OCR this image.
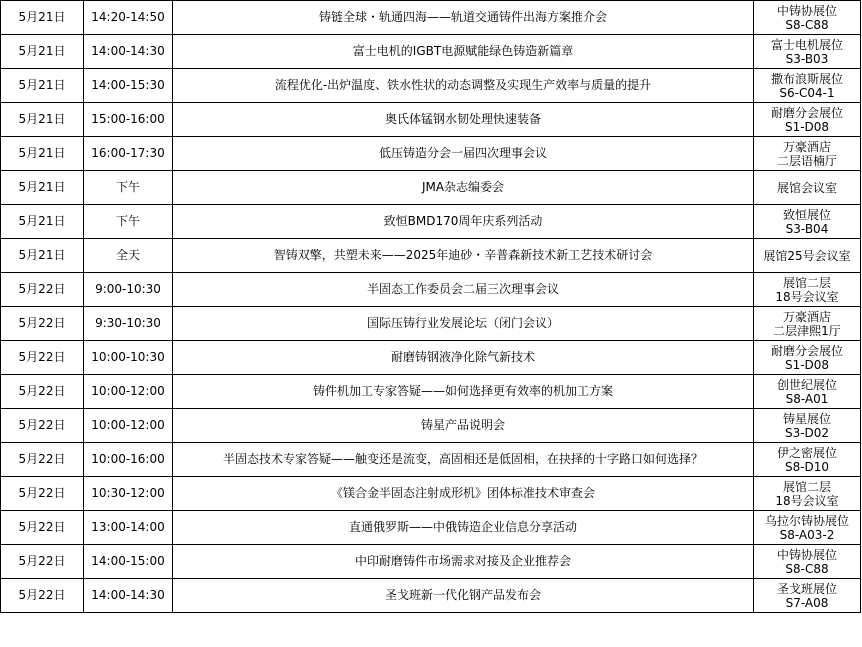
5月21日	14:20-14:50	铸链全球・轨通四海——轨道交通铸件出海方案推介会	中铸协展位
S8-C88

5月21日	14:00-14:30	富士电机的IGBT电源赋能绿色铸造新篇章	富士电机展位
S3-B03

5月21日	14:00-15:30	流程优化-出炉温度、铁水性状的动态调整及实现生产效率与质量的提升	撒布浪斯展位
S6-C04-1

5月21日	15:00-16:00	奥氏体锰钢水韧处理快速装备	耐磨分会展位
S1-D08

5月21日	16:00-17:30	低压铸造分会一届四次理事会议	万豪酒店
二层语楠厅

5月21日	下午	JMA杂志编委会	展馆会议室

5月21日	下午	致恒BMD170周年庆系列活动	致恒展位
S3-B04

5月21日	全天	智铸双擎，共塑未来——2025年迪砂・辛普森新技术新工艺技术研讨会	展馆25号会议室

5月22日	9:00-10:30	半固态工作委员会二届三次理事会议	展馆二层
18号会议室

5月22日	9:30-10:30	国际压铸行业发展论坛（闭门会议）	万豪酒店
二层津熙1厅

5月22日	10:00-10:30	耐磨铸钢液净化除气新技术	耐磨分会展位
S1-D08

5月22日	10:00-12:00	铸件机加工专家答疑——如何选择更有效率的机加工方案	创世纪展位
S8-A01

5月22日	10:00-12:00	铸星产品说明会	铸星展位
S3-D02

5月22日	10:00-16:00	半固态技术专家答疑——触变还是流变，高固相还是低固相，在抉择的十字路口如何选择？	伊之密展位
S8-D10

5月22日	10:30-12:00	《镁合金半固态注射成形机》团体标准技术审查会	展馆二层
18号会议室

5月22日	13:00-14:00	直通俄罗斯——中俄铸造企业信息分享活动	乌拉尔铸协展位
S8-A03-2

5月22日	14:00-15:00	中印耐磨铸件市场需求对接及企业推荐会	中铸协展位
S8-C88

5月22日	14:00-14:30	圣戈班新一代化钢产品发布会	圣戈班展位
S7-A08
